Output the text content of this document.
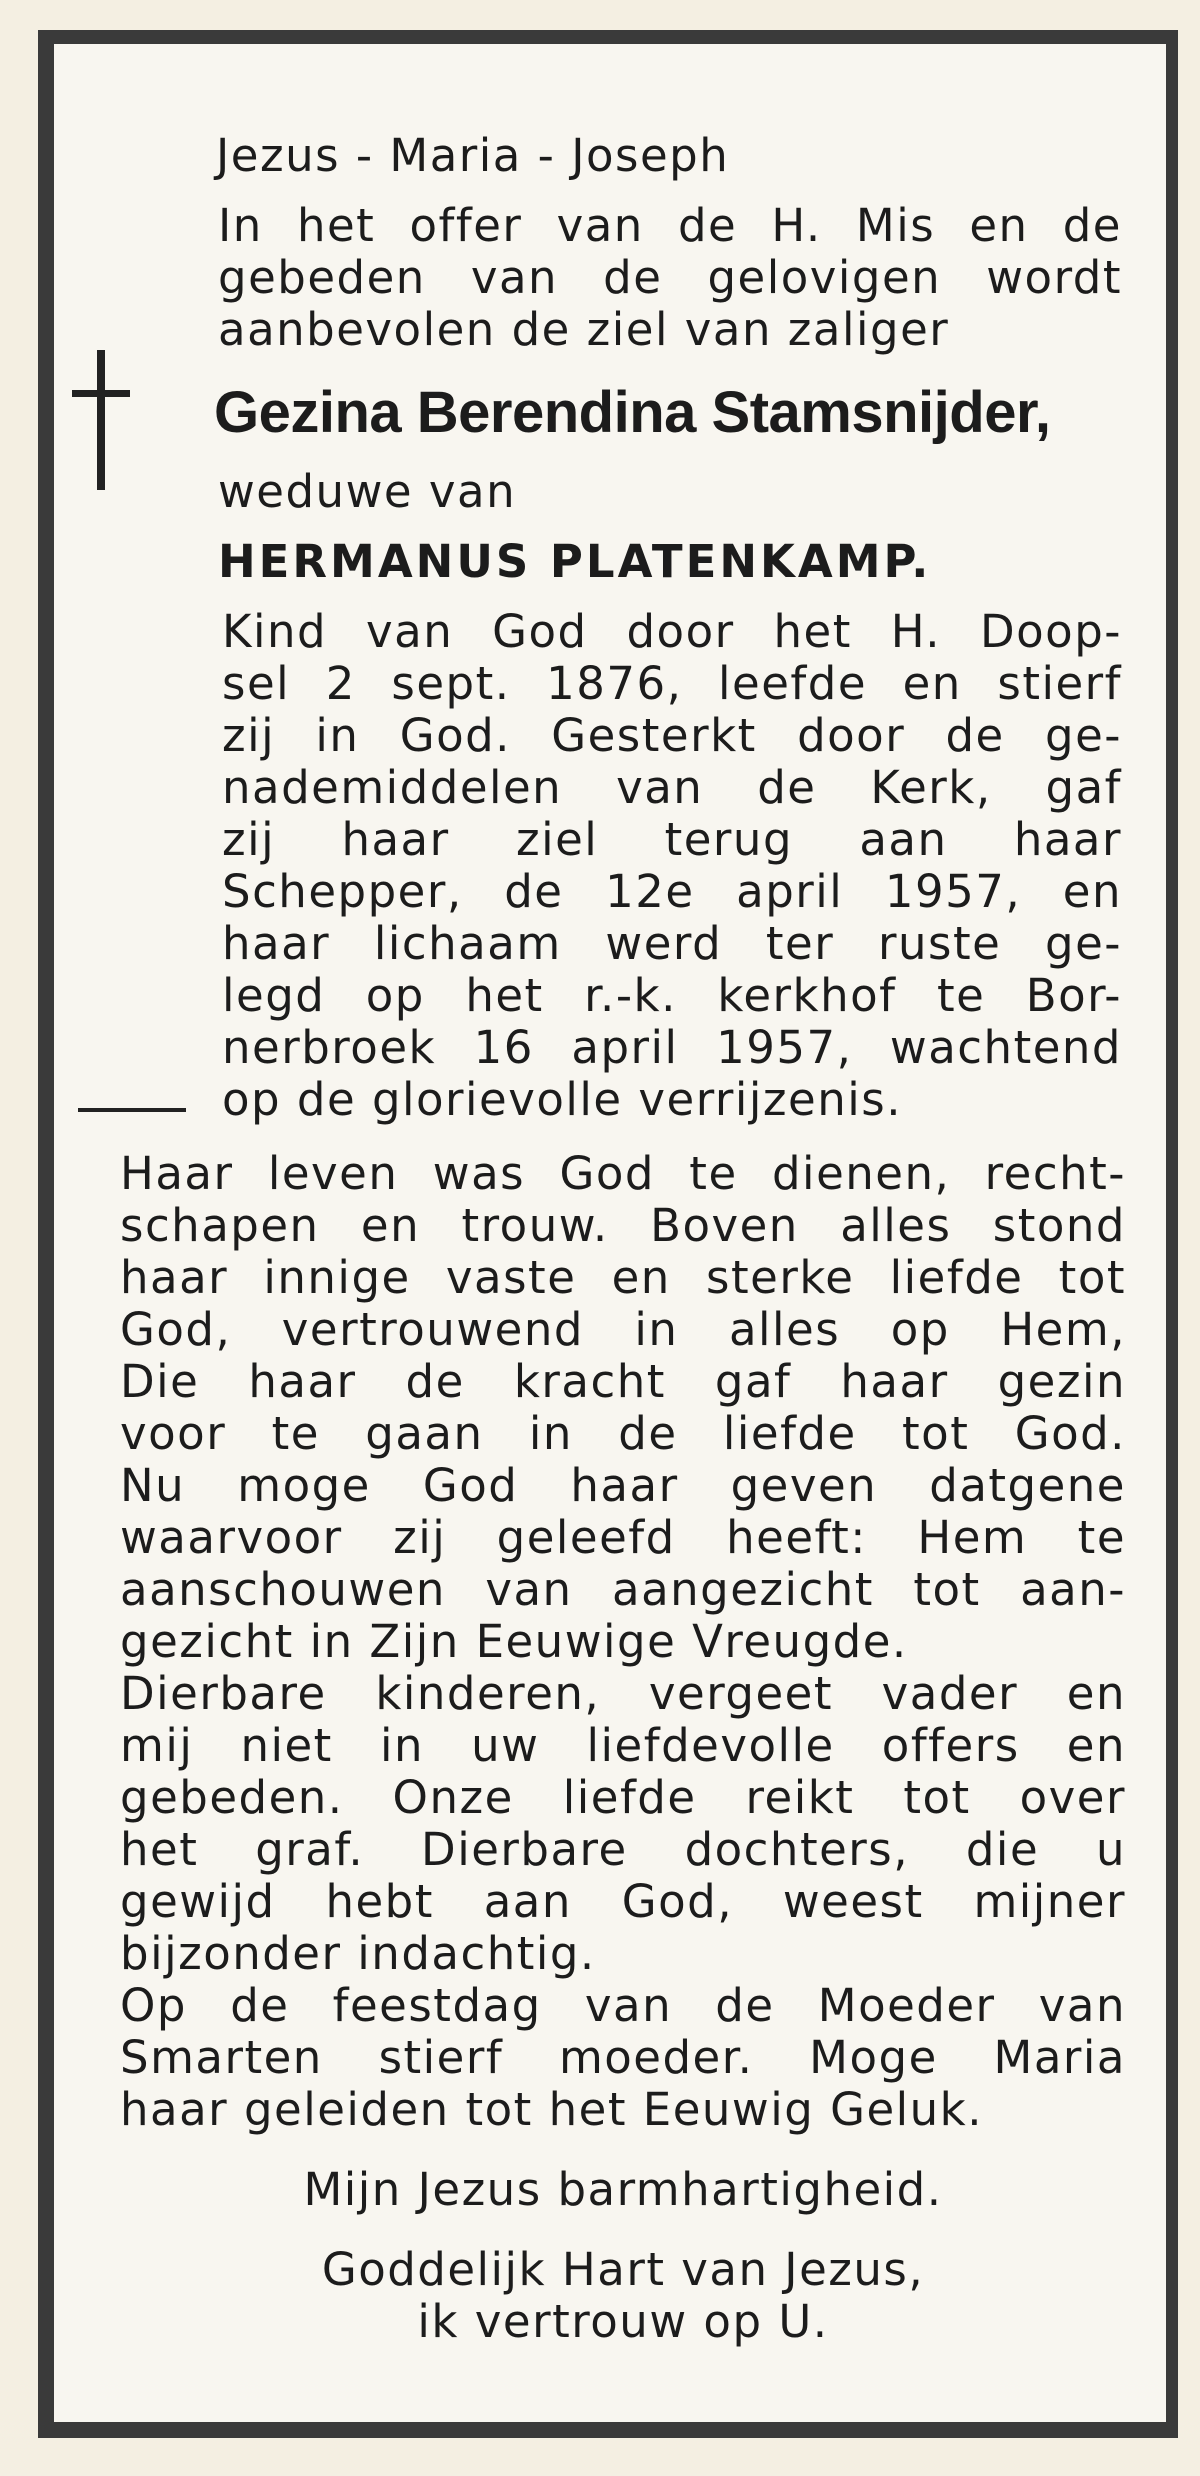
Jezus - Maria - Joseph
In het offer van de H. Mis en de
gebeden van de gelovigen wordt
aanbevolen de ziel van zaliger
Gezina Berendina Stamsnijder,
weduwe van
HERMANUS PLATENKAMP.
Kind van God door het H. Doop-
sel 2 sept. 1876, leefde en stierf
zij in God. Gesterkt door de ge-
nademiddelen van de Kerk, gaf
zij haar ziel terug aan haar
Schepper, de 12e april 1957, en
haar lichaam werd ter ruste ge-
legd op het r.-k. kerkhof te Bor-
nerbroek 16 april 1957, wachtend
op de glorievolle verrijzenis.
Haar leven was God te dienen, recht-
schapen en trouw. Boven alles stond
haar innige vaste en sterke liefde tot
God, vertrouwend in alles op Hem,
Die haar de kracht gaf haar gezin
voor te gaan in de liefde tot God.
Nu moge God haar geven datgene
waarvoor zij geleefd heeft: Hem te
aanschouwen van aangezicht tot aan-
gezicht in Zijn Eeuwige Vreugde.
Dierbare kinderen, vergeet vader en
mij niet in uw liefdevolle offers en
gebeden. Onze liefde reikt tot over
het graf. Dierbare dochters, die u
gewijd hebt aan God, weest mijner
bijzonder indachtig.
Op de feestdag van de Moeder van
Smarten stierf moeder. Moge Maria
haar geleiden tot het Eeuwig Geluk.
Mijn Jezus barmhartigheid.
Goddelijk Hart van Jezus,
ik vertrouw op U.
